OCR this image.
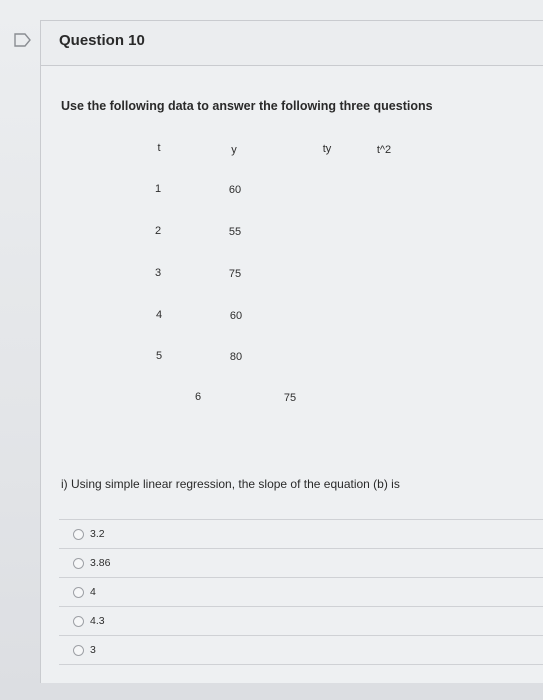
Question 10
Use the following data to answer the following three questions
t	y	ty	t^2
1	60
2	55
3	75
4	60
5	80
6	75
i) Using simple linear regression, the slope of the equation (b) is
3.2
3.86
4
4.3
3
